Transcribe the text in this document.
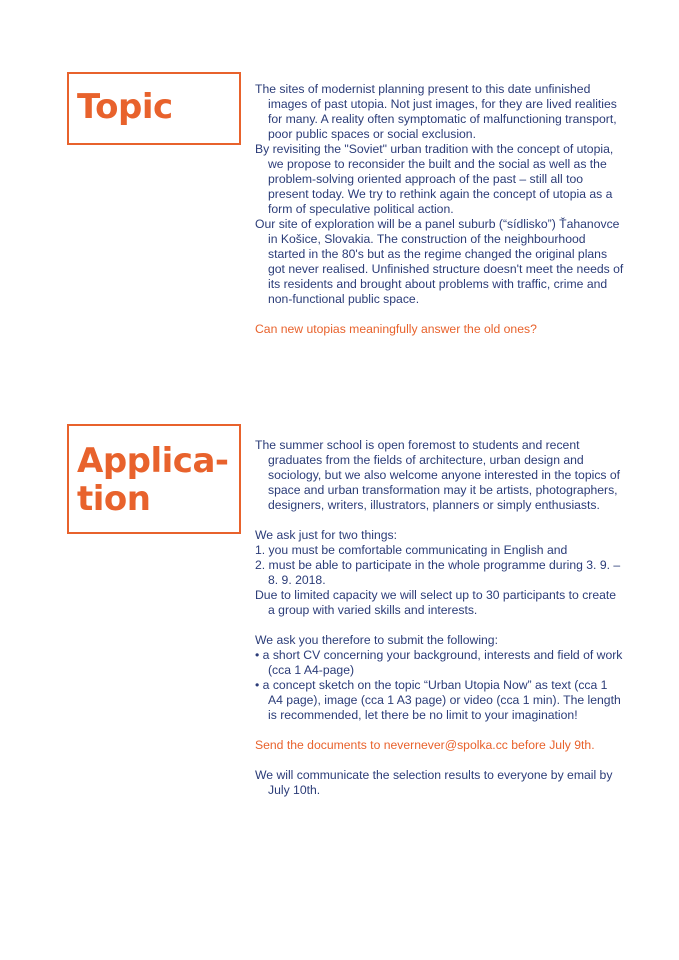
Topic	The sites of modernist planning present to this date unfinished images of past utopia. Not just images, for they are lived realities for many. A reality often symptomatic of malfunctioning transport, poor public spaces or social exclusion.

By revisiting the "Soviet" urban tradition with the concept of utopia, we propose to reconsider the built and the social as well as the problem-solving oriented approach of the past – still all too present today. We try to rethink again the concept of utopia as a form of speculative political action.

Our site of exploration will be a panel suburb (“sídlisko”) Ťahanovce in Košice, Slovakia. The construction of the neighbourhood started in the 80's but as the regime changed the original plans got never realised. Unfinished structure doesn't meet the needs of its residents and brought about problems with traffic, crime and non-functional public space.

Can new utopias meaningfully answer the old ones?

Applica-
tion

The summer school is open foremost to students and recent graduates from the fields of architecture, urban design and sociology, but we also welcome anyone interested in the topics of space and urban transformation may it be artists, photographers, designers, writers, illustrators, planners or simply enthusiasts.

We ask just for two things:

1. you must be comfortable communicating in English and

2. must be able to participate in the whole programme during 3. 9. – 8. 9. 2018.

Due to limited capacity we will select up to 30 participants to create a group with varied skills and interests.

We ask you therefore to submit the following:

• a short CV concerning your background, interests and field of work (cca 1 A4-page)

• a concept sketch on the topic “Urban Utopia Now” as text (cca 1 A4 page), image (cca 1 A3 page) or video (cca 1 min). The length is recommended, let there be no limit to your imagination!

Send the documents to nevernever@spolka.cc before July 9th.

We will communicate the selection results to everyone by email by July 10th.
